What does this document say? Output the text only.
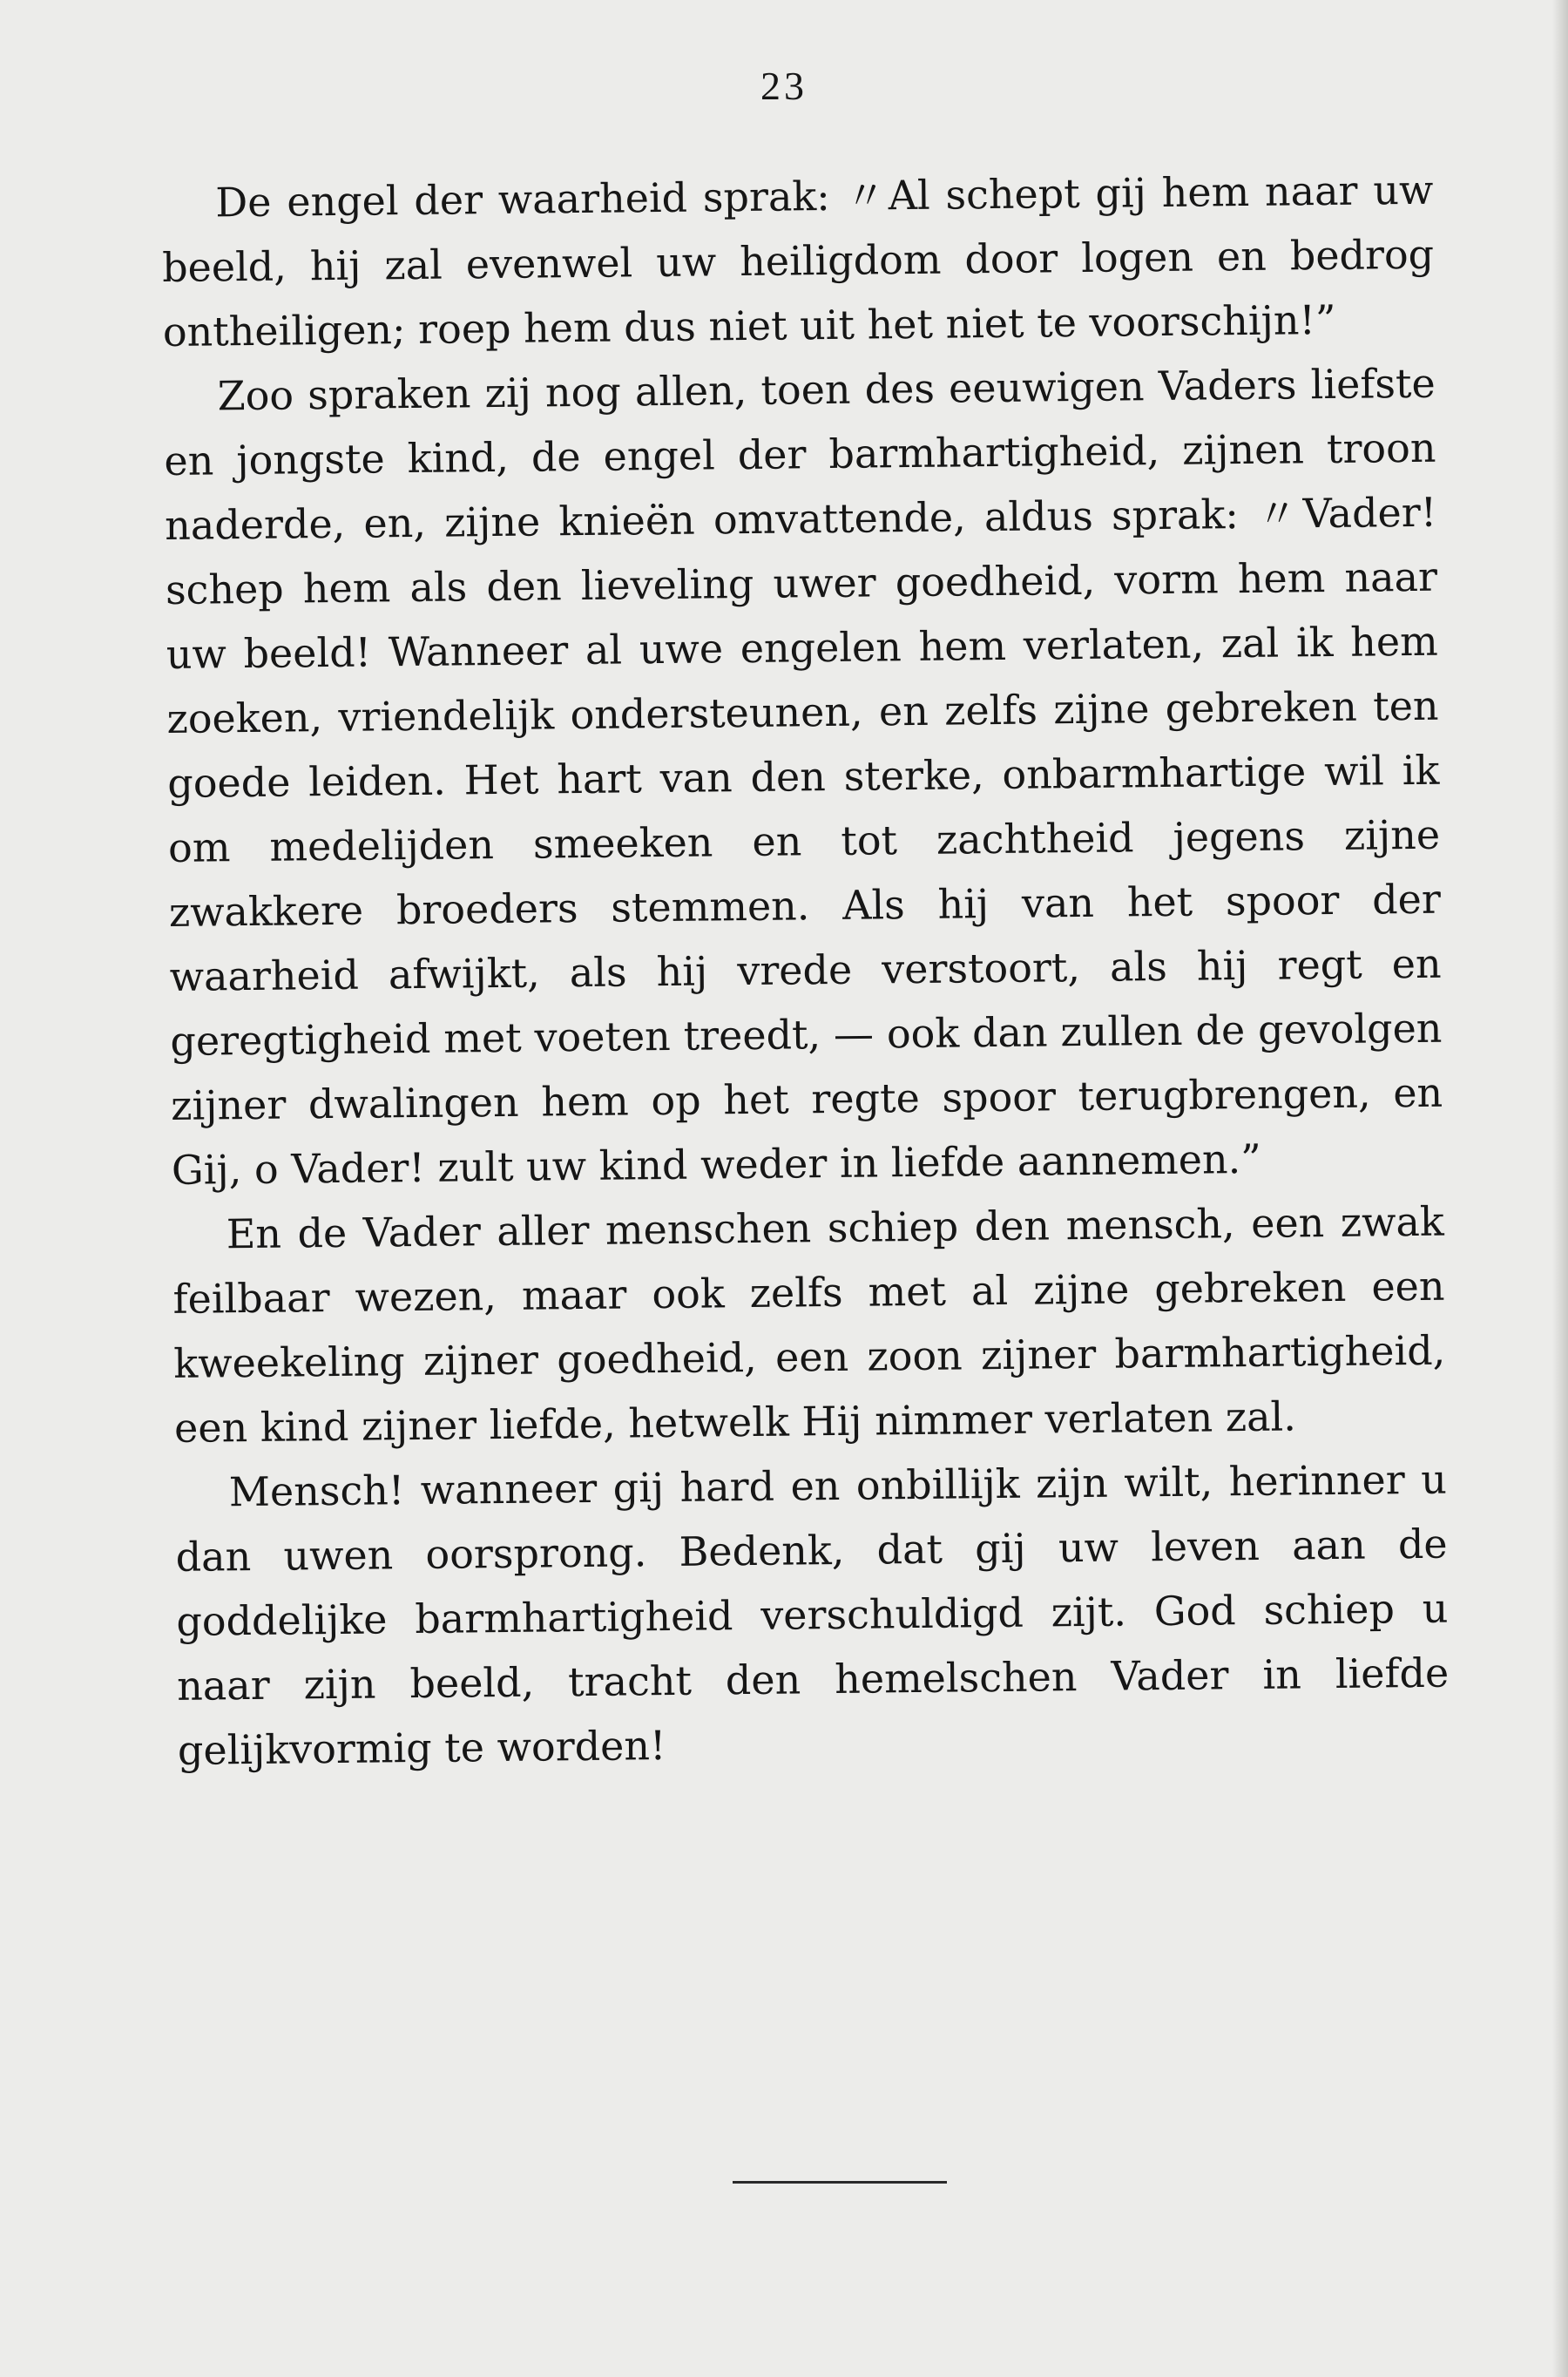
23

De engel der waarheid sprak: 〃Al schept gij hem naar uw beeld, hij zal evenwel uw heiligdom door logen en bedrog ontheiligen; roep hem dus niet uit het niet te voorschijn!”

Zoo spraken zij nog allen, toen des eeuwigen Vaders liefste en jongste kind, de engel der barmhartigheid, zijnen troon naderde, en, zijne knieën omvattende, aldus sprak: 〃Vader! schep hem als den lieveling uwer goedheid, vorm hem naar uw beeld! Wanneer al uwe engelen hem verlaten, zal ik hem zoeken, vriendelijk ondersteunen, en zelfs zijne gebreken ten goede leiden. Het hart van den sterke, onbarmhartige wil ik om medelijden smeeken en tot zachtheid jegens zijne zwakkere broeders stemmen. Als hij van het spoor der waarheid afwijkt, als hij vrede verstoort, als hij regt en geregtigheid met voeten treedt, — ook dan zullen de gevolgen zijner dwalingen hem op het regte spoor terugbrengen, en Gij, o Vader! zult uw kind weder in liefde aannemen.”

En de Vader aller menschen schiep den mensch, een zwak feilbaar wezen, maar ook zelfs met al zijne gebreken een kweekeling zijner goedheid, een zoon zijner barmhartigheid, een kind zijner liefde, hetwelk Hij nimmer verlaten zal.

Mensch! wanneer gij hard en onbillijk zijn wilt, herinner u dan uwen oorsprong. Bedenk, dat gij uw leven aan de goddelijke barmhartigheid verschuldigd zijt. God schiep u naar zijn beeld, tracht den hemelschen Vader in liefde gelijkvormig te worden!
